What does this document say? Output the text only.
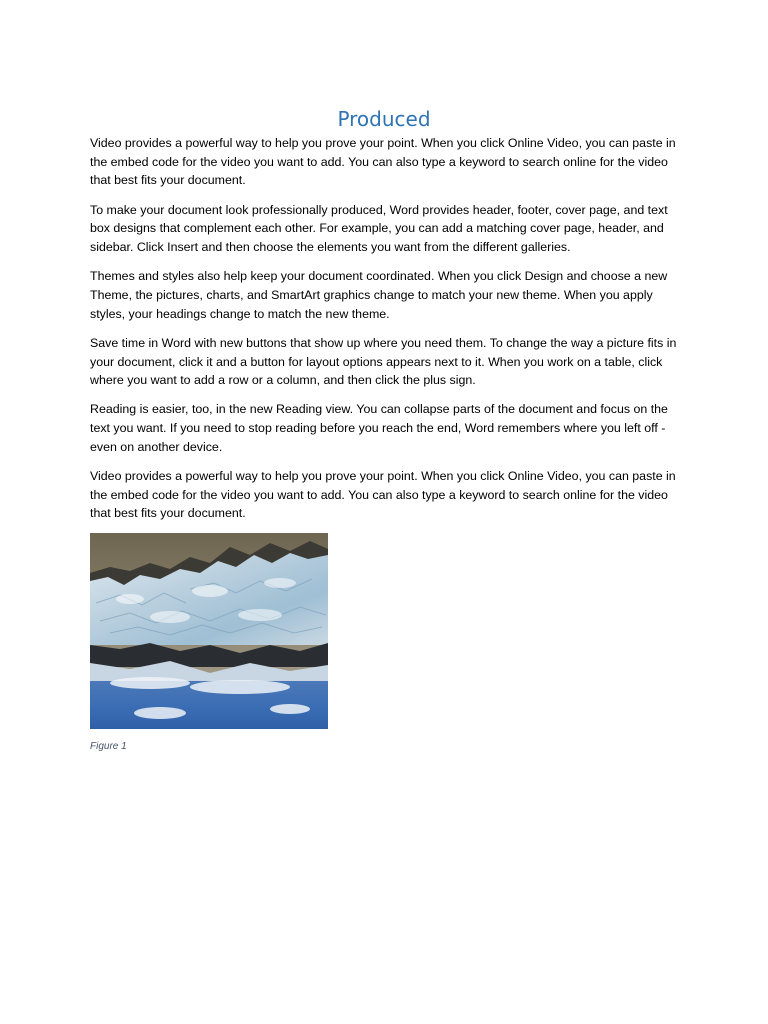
Produced

Video provides a powerful way to help you prove your point. When you click Online Video, you can paste in the embed code for the video you want to add. You can also type a keyword to search online for the video that best fits your document.

To make your document look professionally produced, Word provides header, footer, cover page, and text box designs that complement each other. For example, you can add a matching cover page, header, and sidebar. Click Insert and then choose the elements you want from the different galleries.

Themes and styles also help keep your document coordinated. When you click Design and choose a new Theme, the pictures, charts, and SmartArt graphics change to match your new theme. When you apply styles, your headings change to match the new theme.

Save time in Word with new buttons that show up where you need them. To change the way a picture fits in your document, click it and a button for layout options appears next to it. When you work on a table, click where you want to add a row or a column, and then click the plus sign.

Reading is easier, too, in the new Reading view. You can collapse parts of the document and focus on the text you want. If you need to stop reading before you reach the end, Word remembers where you left off - even on another device.

Video provides a powerful way to help you prove your point. When you click Online Video, you can paste in the embed code for the video you want to add. You can also type a keyword to search online for the video that best fits your document.

Figure 1
